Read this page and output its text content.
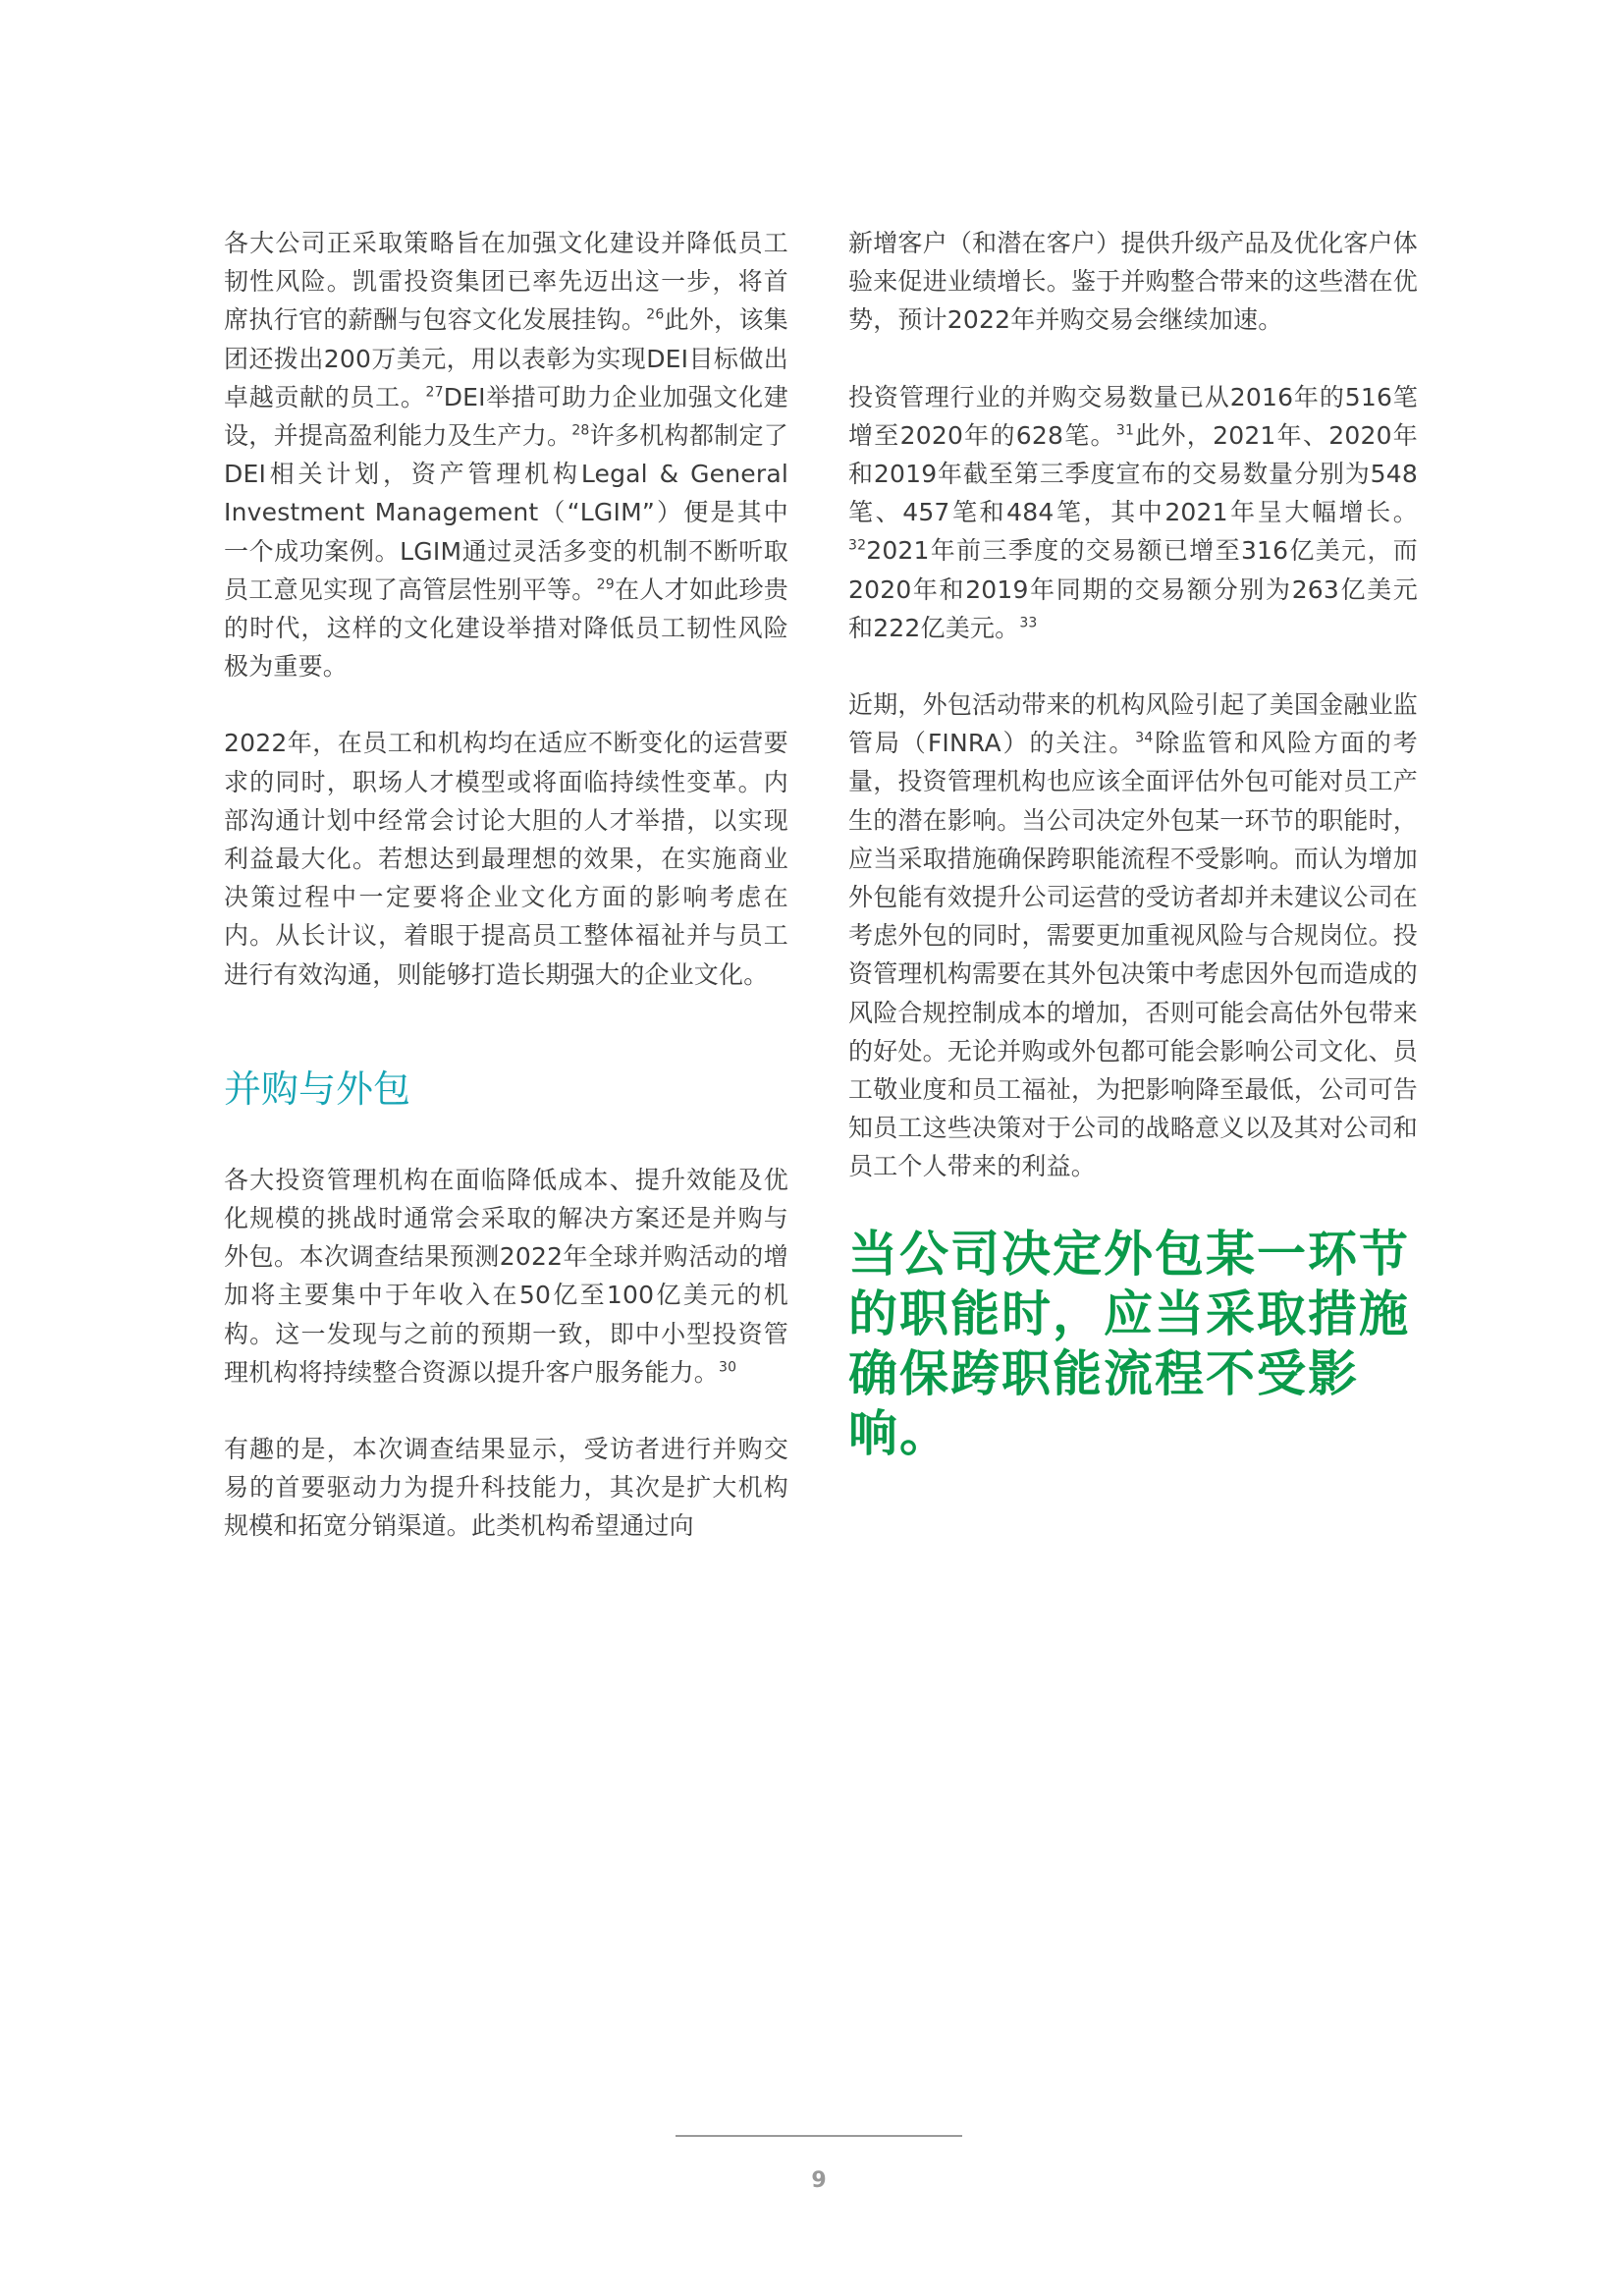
各大公司正采取策略旨在加强文化建设并降低员工韧性风险。凯雷投资集团已率先迈出这一步，将首席执行官的薪酬与包容文化发展挂钩。$^{26}$此外，该集团还拨出200万美元，用以表彰为实现DEI目标做出卓越贡献的员工。$^{27}$DEI举措可助力企业加强文化建设，并提高盈利能力及生产力。$^{28}$许多机构都制定了DEI相关计划，资产管理机构Legal & General Investment Management（“LGIM”）便是其中一个成功案例。LGIM通过灵活多变的机制不断听取员工意见实现了高管层性别平等。$^{29}$在人才如此珍贵的时代，这样的文化建设举措对降低员工韧性风险极为重要。

2022年，在员工和机构均在适应不断变化的运营要求的同时，职场人才模型或将面临持续性变革。内部沟通计划中经常会讨论大胆的人才举措，以实现利益最大化。若想达到最理想的效果，在实施商业决策过程中一定要将企业文化方面的影响考虑在内。从长计议，着眼于提高员工整体福祉并与员工进行有效沟通，则能够打造长期强大的企业文化。

并购与外包

各大投资管理机构在面临降低成本、提升效能及优化规模的挑战时通常会采取的解决方案还是并购与外包。本次调查结果预测2022年全球并购活动的增加将主要集中于年收入在50亿至100亿美元的机构。这一发现与之前的预期一致，即中小型投资管理机构将持续整合资源以提升客户服务能力。$^{30}$

有趣的是，本次调查结果显示，受访者进行并购交易的首要驱动力为提升科技能力，其次是扩大机构规模和拓宽分销渠道。此类机构希望通过向

新增客户（和潜在客户）提供升级产品及优化客户体验来促进业绩增长。鉴于并购整合带来的这些潜在优势，预计2022年并购交易会继续加速。

投资管理行业的并购交易数量已从2016年的516笔增至2020年的628笔。$^{31}$此外，2021年、2020年和2019年截至第三季度宣布的交易数量分别为548笔、457笔和484笔，其中2021年呈大幅增长。$^{32}$2021年前三季度的交易额已增至316亿美元，而2020年和2019年同期的交易额分别为263亿美元和222亿美元。$^{33}$

近期，外包活动带来的机构风险引起了美国金融业监管局（FINRA）的关注。$^{34}$除监管和风险方面的考量，投资管理机构也应该全面评估外包可能对员工产生的潜在影响。当公司决定外包某一环节的职能时，应当采取措施确保跨职能流程不受影响。而认为增加外包能有效提升公司运营的受访者却并未建议公司在考虑外包的同时，需要更加重视风险与合规岗位。投资管理机构需要在其外包决策中考虑因外包而造成的风险合规控制成本的增加，否则可能会高估外包带来的好处。无论并购或外包都可能会影响公司文化、员工敬业度和员工福祉，为把影响降至最低，公司可告知员工这些决策对于公司的战略意义以及其对公司和员工个人带来的利益。

当公司决定外包某一环节的职能时，应当采取措施确保跨职能流程不受影响。

9
